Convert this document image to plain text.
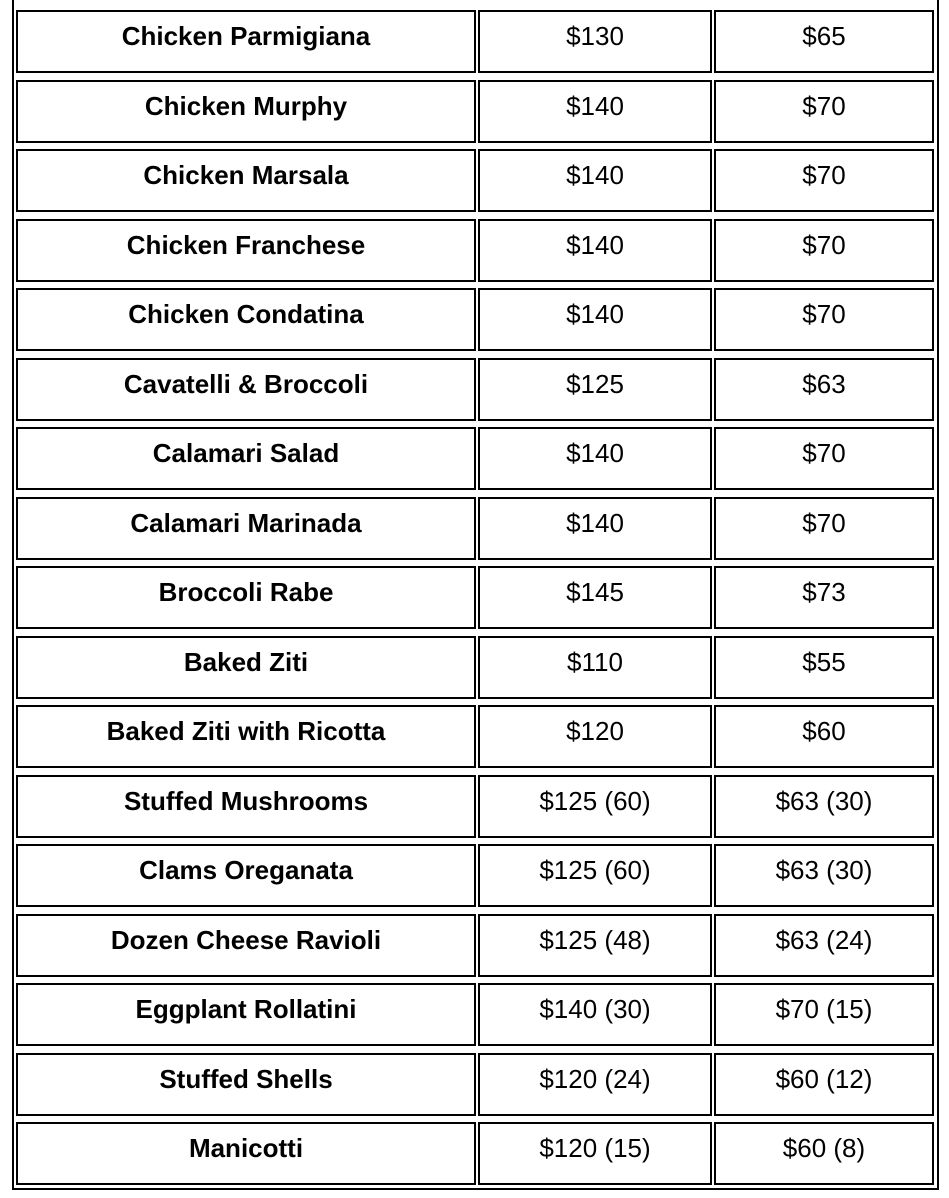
Chicken Parmigiana	$130	$65
Chicken Murphy	$140	$70
Chicken Marsala	$140	$70
Chicken Franchese	$140	$70
Chicken Condatina	$140	$70
Cavatelli & Broccoli	$125	$63
Calamari Salad	$140	$70
Calamari Marinada	$140	$70
Broccoli Rabe	$145	$73
Baked Ziti	$110	$55
Baked Ziti with Ricotta	$120	$60
Stuffed Mushrooms	$125 (60)	$63 (30)
Clams Oreganata	$125 (60)	$63 (30)
Dozen Cheese Ravioli	$125 (48)	$63 (24)
Eggplant Rollatini	$140 (30)	$70 (15)
Stuffed Shells	$120 (24)	$60 (12)
Manicotti	$120 (15)	$60 (8)
